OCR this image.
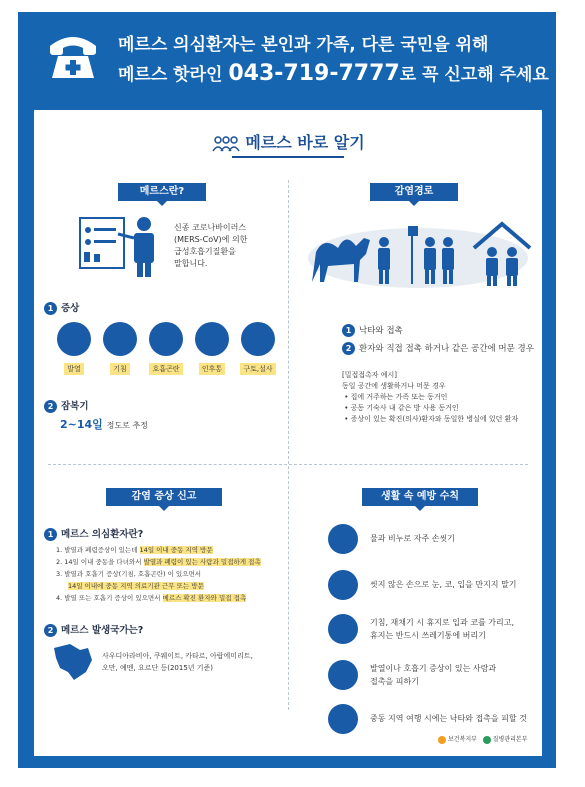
메르스 의심환자는 본인과 가족, 다른 국민을 위해
메르스 핫라인 043-719-7777로 꼭 신고해 주세요
메르스 바로 알기
메르스란?
신종 코로나바이러스
(MERS-CoV)에 의한
급성호흡기질환을
말합니다.
1 증상
발열	기침	호흡곤란	인후통	구토,설사
2 잠복기
2~14일 정도로 추정
감염경로
1 낙타와 접촉
2 환자와 직접 접촉 하거나 같은 공간에 머문 경우
[밀접접촉자 예시]
동일 공간에 생활하거나 머문 경우
• 집에 거주하는 가족 또는 동거인
• 공동 기숙사 내 같은 방 사용 동거인
• 증상이 있는 확진(의사)환자와 동일한 병실에 있던 환자
감염 증상 신고
1 메르스 의심환자란?
1. 발열과 폐렴증상이 있는데 14일 이내 중동 지역 방문
2. 14일 이내 중동을 다녀와서 발열과 폐렴이 있는 사람과 밀접하게 접촉
3. 발열과 호흡기 증상(기침, 호흡곤란) 이 있으면서
14일 이내에 중동 지역 의료기관 근무 또는 방문
4. 발열 또는 호흡기 증상이 있으면서 메르스 확진 환자와 밀접 접촉
2 메르스 발생국가는?
사우디아라비아, 쿠웨이트, 카타르, 아랍에미리트,
오만, 예멘, 요르단 등(2015년 기준)
생활 속 예방 수칙
물과 비누로 자주 손씻기
씻지 않은 손으로 눈, 코, 입을 만지지 말기
기침, 재채기 시 휴지로 입과 코를 가리고,
휴지는 반드시 쓰레기통에 버리기
발열이나 호흡기 증상이 있는 사람과
접촉을 피하기
중동 지역 여행 시에는 낙타와 접촉을 피할 것
보건복지부	질병관리본부
